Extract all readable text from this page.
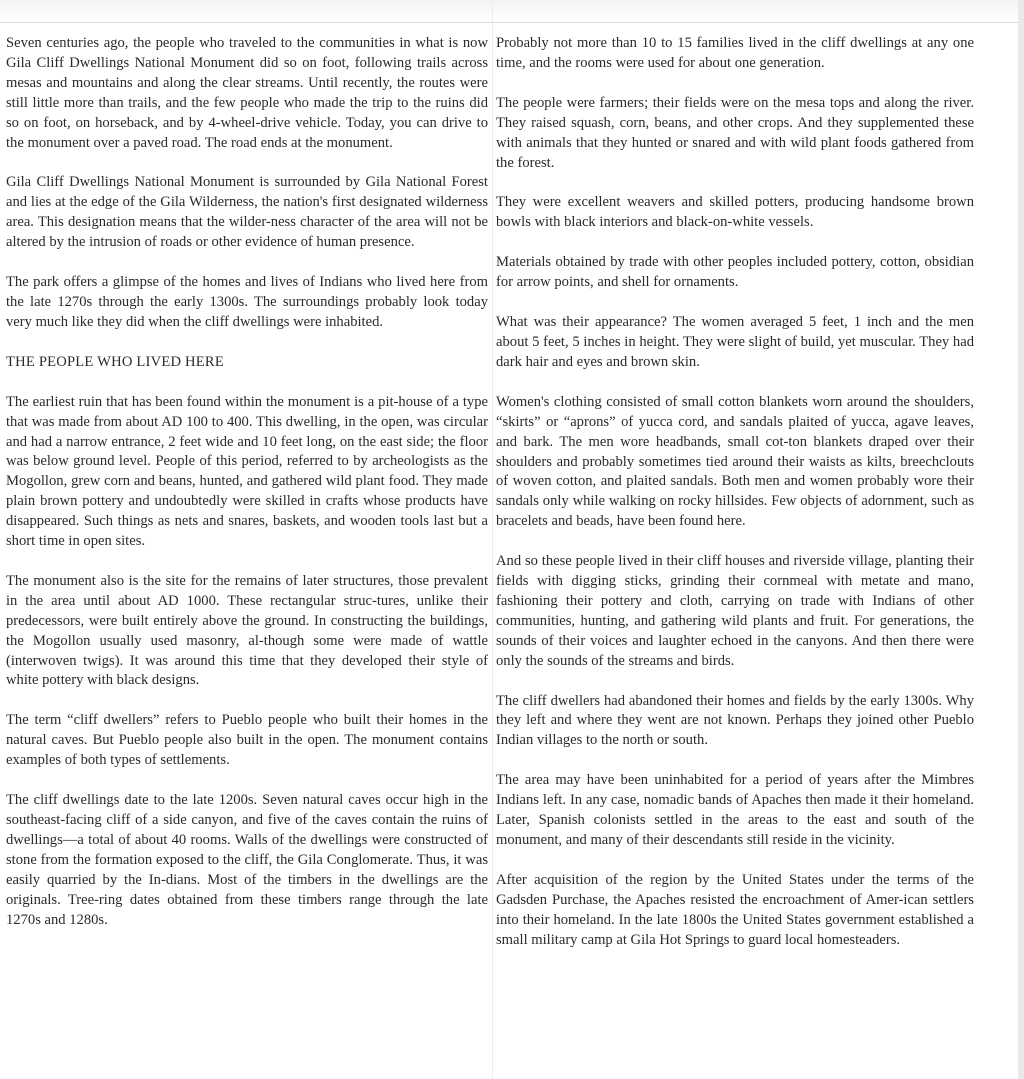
Seven centuries ago, the people who traveled to the communities in what is now Gila Cliff Dwellings National Monument did so on foot, following trails across mesas and mountains and along the clear streams. Until recently, the routes were still little more than trails, and the few people who made the trip to the ruins did so on foot, on horseback, and by 4-wheel-drive vehicle. Today, you can drive to the monument over a paved road. The road ends at the monument.

Gila Cliff Dwellings National Monument is surrounded by Gila National Forest and lies at the edge of the Gila Wilderness, the nation's first designated wilderness area. This designation means that the wilder-ness character of the area will not be altered by the intrusion of roads or other evidence of human presence.

The park offers a glimpse of the homes and lives of Indians who lived here from the late 1270s through the early 1300s. The surroundings probably look today very much like they did when the cliff dwellings were inhabited.

THE PEOPLE WHO LIVED HERE

The earliest ruin that has been found within the monument is a pit-house of a type that was made from about AD 100 to 400. This dwelling, in the open, was circular and had a narrow entrance, 2 feet wide and 10 feet long, on the east side; the floor was below ground level. People of this period, referred to by archeologists as the Mogollon, grew corn and beans, hunted, and gathered wild plant food. They made plain brown pottery and undoubtedly were skilled in crafts whose products have disappeared. Such things as nets and snares, baskets, and wooden tools last but a short time in open sites.

The monument also is the site for the remains of later structures, those prevalent in the area until about AD 1000. These rectangular struc-tures, unlike their predecessors, were built entirely above the ground. In constructing the buildings, the Mogollon usually used masonry, al-though some were made of wattle (interwoven twigs). It was around this time that they developed their style of white pottery with black designs.

The term “cliff dwellers” refers to Pueblo people who built their homes in the natural caves. But Pueblo people also built in the open. The monument contains examples of both types of settlements.

The cliff dwellings date to the late 1200s. Seven natural caves occur high in the southeast-facing cliff of a side canyon, and five of the caves contain the ruins of dwellings—a total of about 40 rooms. Walls of the dwellings were constructed of stone from the formation exposed to the cliff, the Gila Conglomerate. Thus, it was easily quarried by the In-dians. Most of the timbers in the dwellings are the originals. Tree-ring dates obtained from these timbers range through the late 1270s and 1280s.

Probably not more than 10 to 15 families lived in the cliff dwellings at any one time, and the rooms were used for about one generation.

The people were farmers; their fields were on the mesa tops and along the river. They raised squash, corn, beans, and other crops. And they supplemented these with animals that they hunted or snared and with wild plant foods gathered from the forest.

They were excellent weavers and skilled potters, producing handsome brown bowls with black interiors and black-on-white vessels.

Materials obtained by trade with other peoples included pottery, cotton, obsidian for arrow points, and shell for ornaments.

What was their appearance? The women averaged 5 feet, 1 inch and the men about 5 feet, 5 inches in height. They were slight of build, yet muscular. They had dark hair and eyes and brown skin.

Women's clothing consisted of small cotton blankets worn around the shoulders, “skirts” or “aprons” of yucca cord, and sandals plaited of yucca, agave leaves, and bark. The men wore headbands, small cot-ton blankets draped over their shoulders and probably sometimes tied around their waists as kilts, breechclouts of woven cotton, and plaited sandals. Both men and women probably wore their sandals only while walking on rocky hillsides. Few objects of adornment, such as bracelets and beads, have been found here.

And so these people lived in their cliff houses and riverside village, planting their fields with digging sticks, grinding their cornmeal with metate and mano, fashioning their pottery and cloth, carrying on trade with Indians of other communities, hunting, and gathering wild plants and fruit. For generations, the sounds of their voices and laughter echoed in the canyons. And then there were only the sounds of the streams and birds.

The cliff dwellers had abandoned their homes and fields by the early 1300s. Why they left and where they went are not known. Perhaps they joined other Pueblo Indian villages to the north or south.

The area may have been uninhabited for a period of years after the Mimbres Indians left. In any case, nomadic bands of Apaches then made it their homeland. Later, Spanish colonists settled in the areas to the east and south of the monument, and many of their descendants still reside in the vicinity.

After acquisition of the region by the United States under the terms of the Gadsden Purchase, the Apaches resisted the encroachment of Amer-ican settlers into their homeland. In the late 1800s the United States government established a small military camp at Gila Hot Springs to guard local homesteaders.
